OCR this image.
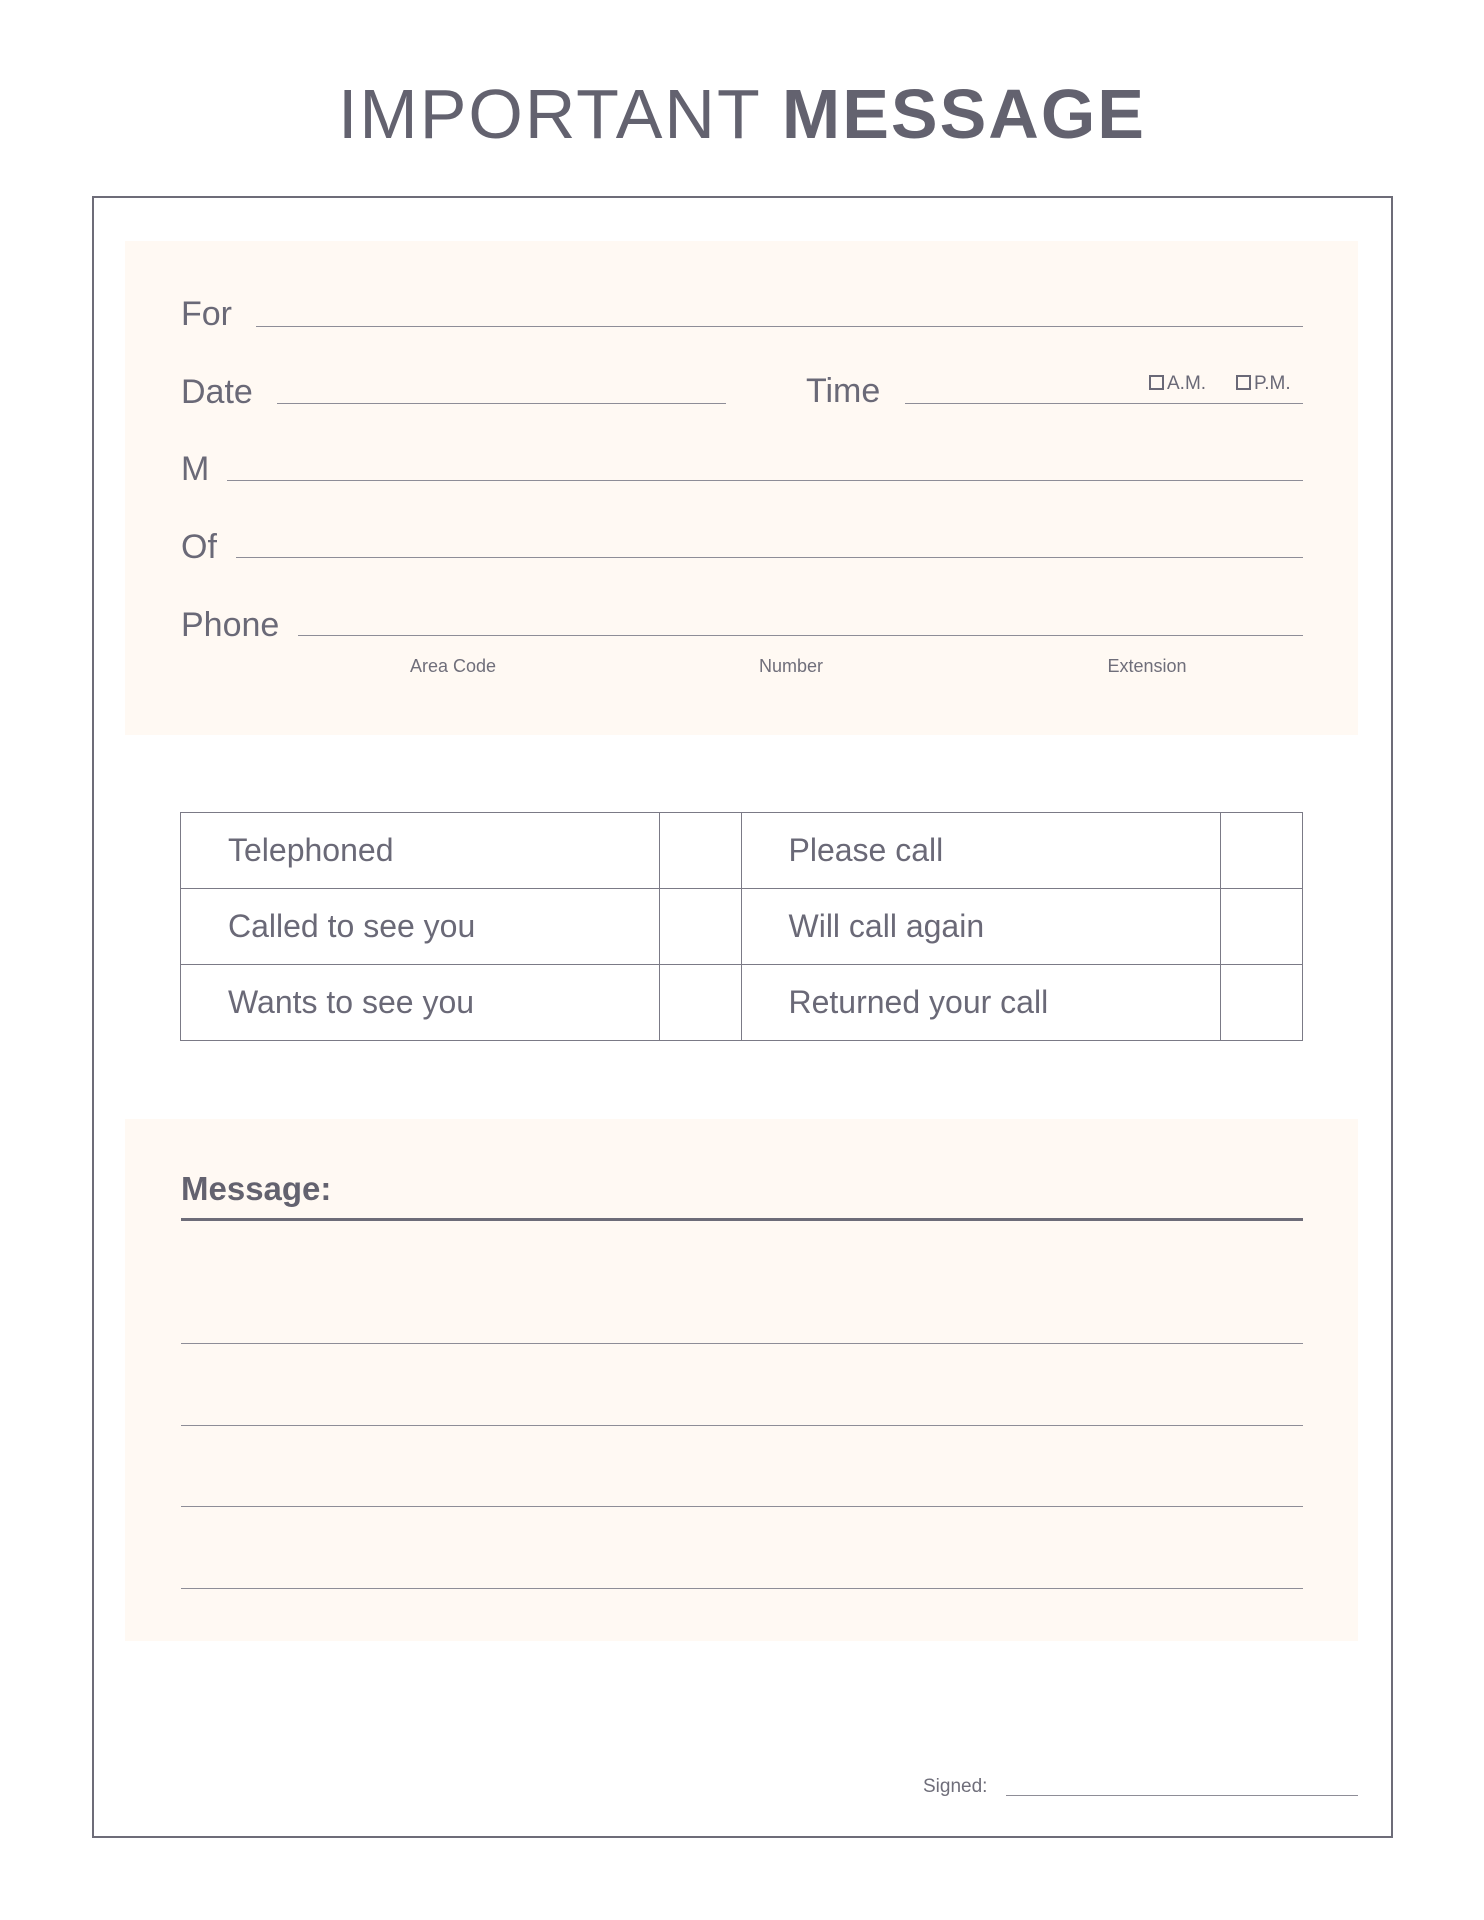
IMPORTANT MESSAGE
For
Date	Time	A.M.	P.M.
M
Of
Phone
Area Code	Number	Extension
Telephoned		Please call	
Called to see you		Will call again	
Wants to see you		Returned your call	
Message:
Signed:
